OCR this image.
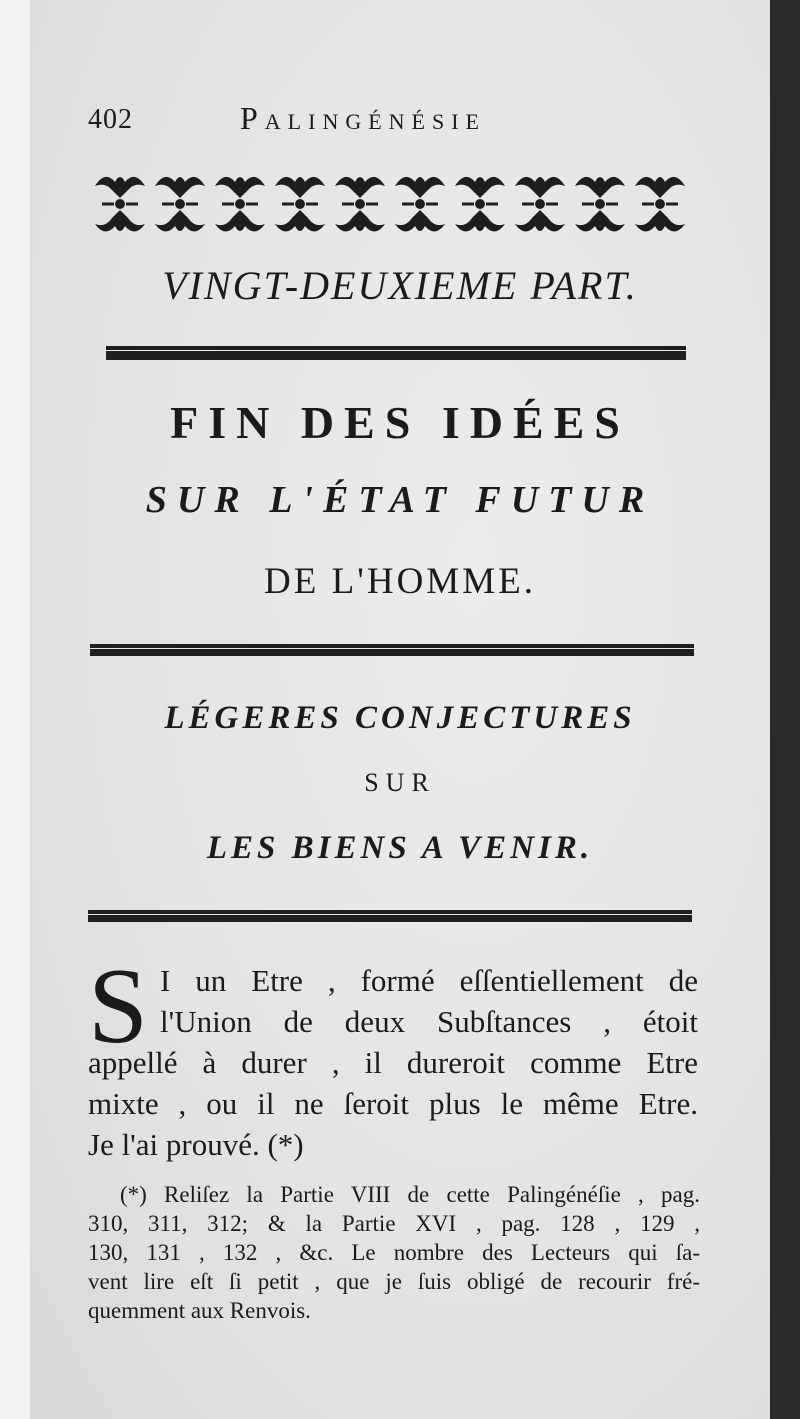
402	Palingénésie
VINGT-DEUXIEME PART.
FIN DES IDÉES
SUR L'ÉTAT FUTUR
DE L'HOMME.
LÉGERES CONJECTURES
SUR
LES BIENS A VENIR.
S I un Etre , formé eſſentiellement de
l'Union de deux Subſtances , étoit
appellé à durer , il dureroit comme Etre
mixte , ou il ne ſeroit plus le même Etre.
Je l'ai prouvé. (*)
(*) Reliſez la Partie VIII de cette Palingénéſie , pag.
310, 311, 312; & la Partie XVI , pag. 128 , 129 ,
130, 131 , 132 , &c. Le nombre des Lecteurs qui ſa-
vent lire eſt ſi petit , que je ſuis obligé de recourir fré-
quemment aux Renvois.
